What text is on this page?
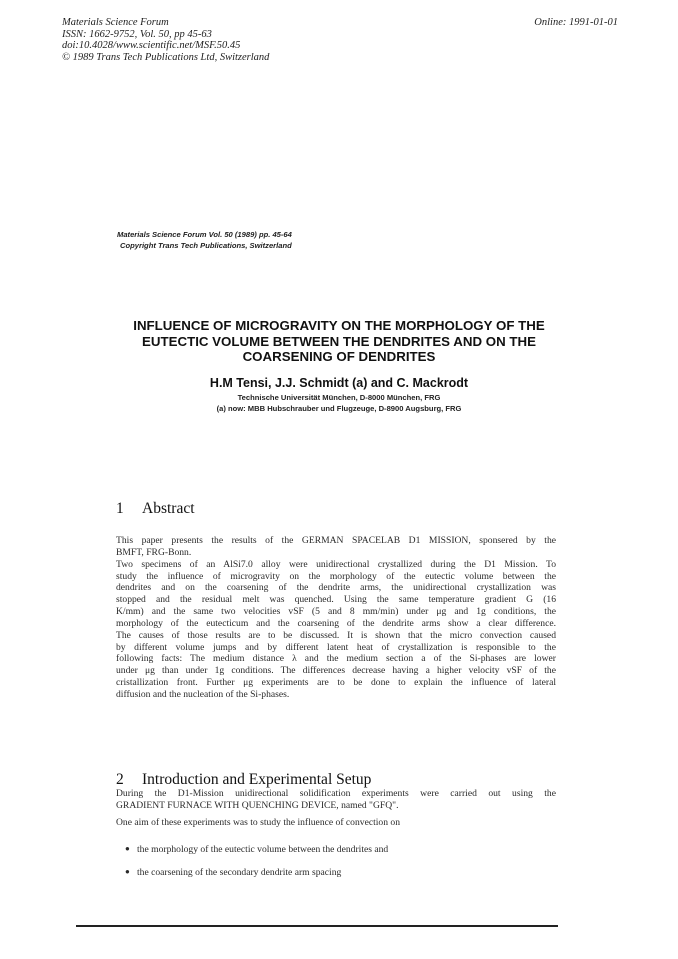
Materials Science Forum
ISSN: 1662-9752, Vol. 50, pp 45-63
doi:10.4028/www.scientific.net/MSF.50.45
© 1989 Trans Tech Publications Ltd, Switzerland
Online: 1991-01-01
Materials Science Forum Vol. 50 (1989) pp. 45-64
Copyright Trans Tech Publications, Switzerland
INFLUENCE OF MICROGRAVITY ON THE MORPHOLOGY OF THE
EUTECTIC VOLUME BETWEEN THE DENDRITES AND ON THE
COARSENING OF DENDRITES
H.M Tensi, J.J. Schmidt (a) and C. Mackrodt
Technische Universität München, D-8000 München, FRG
(a) now: MBB Hubschrauber und Flugzeuge, D-8900 Augsburg, FRG
1 Abstract
This paper presents the results of the GERMAN SPACELAB D1 MISSION, sponsered by the
BMFT, FRG-Bonn.
Two specimens of an AlSi7.0 alloy were unidirectional crystallized during the D1 Mission. To
study the influence of microgravity on the morphology of the eutectic volume between the
dendrites and on the coarsening of the dendrite arms, the unidirectional crystallization was
stopped and the residual melt was quenched. Using the same temperature gradient G (16
K/mm) and the same two velocities vSF (5 and 8 mm/min) under μg and 1g conditions, the
morphology of the eutecticum and the coarsening of the dendrite arms show a clear difference.
The causes of those results are to be discussed. It is shown that the micro convection caused
by different volume jumps and by different latent heat of crystallization is responsible to the
following facts: The medium distance λ and the medium section a of the Si-phases are lower
under μg than under 1g conditions. The differences decrease having a higher velocity vSF of the
cristallization front. Further μg experiments are to be done to explain the influence of lateral
diffusion and the nucleation of the Si-phases.
2 Introduction and Experimental Setup
During the D1-Mission unidirectional solidification experiments were carried out using the
GRADIENT FURNACE WITH QUENCHING DEVICE, named "GFQ".
One aim of these experiments was to study the influence of convection on
● the morphology of the eutectic volume between the dendrites and
● the coarsening of the secondary dendrite arm spacing
